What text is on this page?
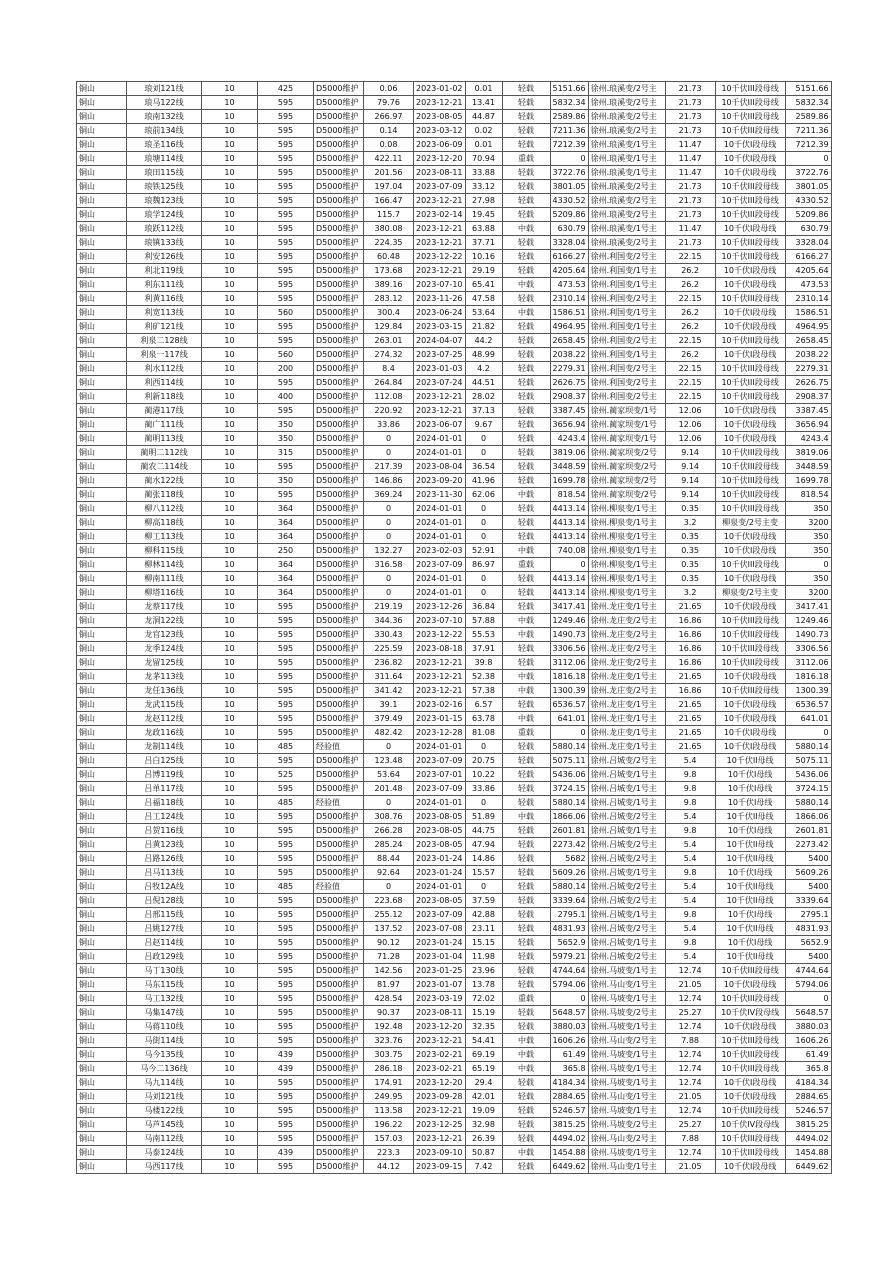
铜山	琅刘121线	10	425	D5000维护	0.06	2023-01-02	0.01	轻载	5151.66	徐州.琅溪变/2号主	21.73	10千伏III段母线	5151.66
铜山	琅马122线	10	595	D5000维护	79.76	2023-12-21	13.41	轻载	5832.34	徐州.琅溪变/2号主	21.73	10千伏III段母线	5832.34
铜山	琅南132线	10	595	D5000维护	266.97	2023-08-05	44.87	轻载	2589.86	徐州.琅溪变/2号主	21.73	10千伏III段母线	2589.86
铜山	琅前134线	10	595	D5000维护	0.14	2023-03-12	0.02	轻载	7211.36	徐州.琅溪变/2号主	21.73	10千伏III段母线	7211.36
铜山	琅圣116线	10	595	D5000维护	0.08	2023-06-09	0.01	轻载	7212.39	徐州.琅溪变/1号主	11.47	10千伏I段母线	7212.39
铜山	琅塘114线	10	595	D5000维护	422.11	2023-12-20	70.94	重载	0	徐州.琅溪变/1号主	11.47	10千伏I段母线	0
铜山	琅田115线	10	595	D5000维护	201.56	2023-08-11	33.88	轻载	3722.76	徐州.琅溪变/1号主	11.47	10千伏I段母线	3722.76
铜山	琅铁125线	10	595	D5000维护	197.04	2023-07-09	33.12	轻载	3801.05	徐州.琅溪变/2号主	21.73	10千伏III段母线	3801.05
铜山	琅魏123线	10	595	D5000维护	166.47	2023-12-21	27.98	轻载	4330.52	徐州.琅溪变/2号主	21.73	10千伏III段母线	4330.52
铜山	琅学124线	10	595	D5000维护	115.7	2023-02-14	19.45	轻载	5209.86	徐州.琅溪变/2号主	21.73	10千伏III段母线	5209.86
铜山	琅跃112线	10	595	D5000维护	380.08	2023-12-21	63.88	中载	630.79	徐州.琅溪变/1号主	11.47	10千伏I段母线	630.79
铜山	琅镇133线	10	595	D5000维护	224.35	2023-12-21	37.71	轻载	3328.04	徐州.琅溪变/2号主	21.73	10千伏III段母线	3328.04
铜山	利安126线	10	595	D5000维护	60.48	2023-12-22	10.16	轻载	6166.27	徐州.利国变/2号主	22.15	10千伏III段母线	6166.27
铜山	利北119线	10	595	D5000维护	173.68	2023-12-21	29.19	轻载	4205.64	徐州.利国变/1号主	26.2	10千伏I段母线	4205.64
铜山	利东111线	10	595	D5000维护	389.16	2023-07-10	65.41	中载	473.53	徐州.利国变/1号主	26.2	10千伏I段母线	473.53
铜山	利黄116线	10	595	D5000维护	283.12	2023-11-26	47.58	轻载	2310.14	徐州.利国变/2号主	22.15	10千伏III段母线	2310.14
铜山	利宽113线	10	560	D5000维护	300.4	2023-06-24	53.64	中载	1586.51	徐州.利国变/1号主	26.2	10千伏I段母线	1586.51
铜山	利矿121线	10	595	D5000维护	129.84	2023-03-15	21.82	轻载	4964.95	徐州.利国变/1号主	26.2	10千伏I段母线	4964.95
铜山	利泉二128线	10	595	D5000维护	263.01	2024-04-07	44.2	轻载	2658.45	徐州.利国变/2号主	22.15	10千伏III段母线	2658.45
铜山	利泉一117线	10	560	D5000维护	274.32	2023-07-25	48.99	轻载	2038.22	徐州.利国变/1号主	26.2	10千伏I段母线	2038.22
铜山	利水112线	10	200	D5000维护	8.4	2023-01-03	4.2	轻载	2279.31	徐州.利国变/2号主	22.15	10千伏III段母线	2279.31
铜山	利西114线	10	595	D5000维护	264.84	2023-07-24	44.51	轻载	2626.75	徐州.利国变/2号主	22.15	10千伏III段母线	2626.75
铜山	利新118线	10	400	D5000维护	112.08	2023-12-21	28.02	轻载	2908.37	徐州.利国变/2号主	22.15	10千伏III段母线	2908.37
铜山	蔺港117线	10	595	D5000维护	220.92	2023-12-21	37.13	轻载	3387.45	徐州.蔺家坝变/1号	12.06	10千伏I段母线	3387.45
铜山	蔺广111线	10	350	D5000维护	33.86	2023-06-07	9.67	轻载	3656.94	徐州.蔺家坝变/1号	12.06	10千伏I段母线	3656.94
铜山	蔺明113线	10	350	D5000维护	0	2024-01-01	0	轻载	4243.4	徐州.蔺家坝变/1号	12.06	10千伏I段母线	4243.4
铜山	蔺明二112线	10	315	D5000维护	0	2024-01-01	0	轻载	3819.06	徐州.蔺家坝变/2号	9.14	10千伏III段母线	3819.06
铜山	蔺农二114线	10	595	D5000维护	217.39	2023-08-04	36.54	轻载	3448.59	徐州.蔺家坝变/2号	9.14	10千伏III段母线	3448.59
铜山	蔺水122线	10	350	D5000维护	146.86	2023-09-20	41.96	轻载	1699.78	徐州.蔺家坝变/2号	9.14	10千伏III段母线	1699.78
铜山	蔺张118线	10	595	D5000维护	369.24	2023-11-30	62.06	中载	818.54	徐州.蔺家坝变/2号	9.14	10千伏III段母线	818.54
铜山	柳八112线	10	364	D5000维护	0	2024-01-01	0	轻载	4413.14	徐州.柳泉变/1号主	0.35	10千伏III段母线	350
铜山	柳高118线	10	364	D5000维护	0	2024-01-01	0	轻载	4413.14	徐州.柳泉变/1号主	3.2	柳泉变/2号主变	3200
铜山	柳工113线	10	364	D5000维护	0	2024-01-01	0	轻载	4413.14	徐州.柳泉变/1号主	0.35	10千伏I段母线	350
铜山	柳科115线	10	250	D5000维护	132.27	2023-02-03	52.91	中载	740.08	徐州.柳泉变/1号主	0.35	10千伏I段母线	350
铜山	柳林114线	10	364	D5000维护	316.58	2023-07-09	86.97	重载	0	徐州.柳泉变/1号主	0.35	10千伏III段母线	0
铜山	柳南111线	10	364	D5000维护	0	2024-01-01	0	轻载	4413.14	徐州.柳泉变/1号主	0.35	10千伏I段母线	350
铜山	柳塔116线	10	364	D5000维护	0	2024-01-01	0	轻载	4413.14	徐州.柳泉变/1号主	3.2	柳泉变/2号主变	3200
铜山	龙蔡117线	10	595	D5000维护	219.19	2023-12-26	36.84	轻载	3417.41	徐州.龙庄变/1号主	21.65	10千伏I段母线	3417.41
铜山	龙洞122线	10	595	D5000维护	344.36	2023-07-10	57.88	中载	1249.46	徐州.龙庄变/2号主	16.86	10千伏III段母线	1249.46
铜山	龙官123线	10	595	D5000维护	330.43	2023-12-22	55.53	中载	1490.73	徐州.龙庄变/2号主	16.86	10千伏III段母线	1490.73
铜山	龙季124线	10	595	D5000维护	225.59	2023-08-18	37.91	轻载	3306.56	徐州.龙庄变/2号主	16.86	10千伏III段母线	3306.56
铜山	龙留125线	10	595	D5000维护	236.82	2023-12-21	39.8	轻载	3112.06	徐州.龙庄变/2号主	16.86	10千伏III段母线	3112.06
铜山	龙茅113线	10	595	D5000维护	311.64	2023-12-21	52.38	中载	1816.18	徐州.龙庄变/1号主	21.65	10千伏I段母线	1816.18
铜山	龙任136线	10	595	D5000维护	341.42	2023-12-21	57.38	中载	1300.39	徐州.龙庄变/2号主	16.86	10千伏III段母线	1300.39
铜山	龙武115线	10	595	D5000维护	39.1	2023-02-16	6.57	轻载	6536.57	徐州.龙庄变/1号主	21.65	10千伏I段母线	6536.57
铜山	龙赵112线	10	595	D5000维护	379.49	2023-01-15	63.78	中载	641.01	徐州.龙庄变/1号主	21.65	10千伏I段母线	641.01
铜山	龙政116线	10	595	D5000维护	482.42	2023-12-28	81.08	重载	0	徐州.龙庄变/1号主	21.65	10千伏I段母线	0
铜山	龙制114线	10	485	经验值	0	2024-01-01	0	轻载	5880.14	徐州.龙庄变/1号主	21.65	10千伏I段母线	5880.14
铜山	吕白125线	10	595	D5000维护	123.48	2023-07-09	20.75	轻载	5075.11	徐州.吕城变/2号主	5.4	10千伏II母线	5075.11
铜山	吕博119线	10	525	D5000维护	53.64	2023-07-01	10.22	轻载	5436.06	徐州.吕城变/1号主	9.8	10千伏I母线	5436.06
铜山	吕单117线	10	595	D5000维护	201.48	2023-07-09	33.86	轻载	3724.15	徐州.吕城变/1号主	9.8	10千伏I母线	3724.15
铜山	吕福118线	10	485	经验值	0	2024-01-01	0	轻载	5880.14	徐州.吕城变/1号主	9.8	10千伏I母线	5880.14
铜山	吕工124线	10	595	D5000维护	308.76	2023-08-05	51.89	中载	1866.06	徐州.吕城变/2号主	5.4	10千伏II母线	1866.06
铜山	吕贺116线	10	595	D5000维护	266.28	2023-08-05	44.75	轻载	2601.81	徐州.吕城变/1号主	9.8	10千伏I母线	2601.81
铜山	吕黄123线	10	595	D5000维护	285.24	2023-08-05	47.94	轻载	2273.42	徐州.吕城变/2号主	5.4	10千伏II母线	2273.42
铜山	吕路126线	10	595	D5000维护	88.44	2023-01-24	14.86	轻载	5682	徐州.吕城变/2号主	5.4	10千伏II母线	5400
铜山	吕马113线	10	595	D5000维护	92.64	2023-01-24	15.57	轻载	5609.26	徐州.吕城变/1号主	9.8	10千伏I母线	5609.26
铜山	吕牧12A线	10	485	经验值	0	2024-01-01	0	轻载	5880.14	徐州.吕城变/2号主	5.4	10千伏II母线	5400
铜山	吕倪128线	10	595	D5000维护	223.68	2023-08-05	37.59	轻载	3339.64	徐州.吕城变/2号主	5.4	10千伏II母线	3339.64
铜山	吕邢115线	10	595	D5000维护	255.12	2023-07-09	42.88	轻载	2795.1	徐州.吕城变/1号主	9.8	10千伏I母线	2795.1
铜山	吕姚127线	10	595	D5000维护	137.52	2023-07-08	23.11	轻载	4831.93	徐州.吕城变/2号主	5.4	10千伏II母线	4831.93
铜山	吕赵114线	10	595	D5000维护	90.12	2023-01-24	15.15	轻载	5652.9	徐州.吕城变/1号主	9.8	10千伏I母线	5652.9
铜山	吕政129线	10	595	D5000维护	71.28	2023-01-04	11.98	轻载	5979.21	徐州.吕城变/2号主	5.4	10千伏II母线	5400
铜山	马丁130线	10	595	D5000维护	142.56	2023-01-25	23.96	轻载	4744.64	徐州.马坡变/1号主	12.74	10千伏III段母线	4744.64
铜山	马东115线	10	595	D5000维护	81.97	2023-01-07	13.78	轻载	5794.06	徐州.马山变/1号主	21.05	10千伏I段母线	5794.06
铜山	马工132线	10	595	D5000维护	428.54	2023-03-19	72.02	重载	0	徐州.马坡变/1号主	12.74	10千伏III段母线	0
铜山	马集147线	10	595	D5000维护	90.37	2023-08-11	15.19	轻载	5648.57	徐州.马坡变/2号主	25.27	10千伏IV段母线	5648.57
铜山	马蒋110线	10	595	D5000维护	192.48	2023-12-20	32.35	轻载	3880.03	徐州.马坡变/1号主	12.74	10千伏I段母线	3880.03
铜山	马街114线	10	595	D5000维护	323.76	2023-12-21	54.41	中载	1606.26	徐州.马山变/2号主	7.88	10千伏III段母线	1606.26
铜山	马今135线	10	439	D5000维护	303.75	2023-02-21	69.19	中载	61.49	徐州.马坡变/1号主	12.74	10千伏III段母线	61.49
铜山	马今二136线	10	439	D5000维护	286.18	2023-02-21	65.19	中载	365.8	徐州.马坡变/1号主	12.74	10千伏III段母线	365.8
铜山	马九114线	10	595	D5000维护	174.91	2023-12-20	29.4	轻载	4184.34	徐州.马坡变/1号主	12.74	10千伏I段母线	4184.34
铜山	马刘121线	10	595	D5000维护	249.95	2023-09-28	42.01	轻载	2884.65	徐州.马山变/1号主	21.05	10千伏I段母线	2884.65
铜山	马楼122线	10	595	D5000维护	113.58	2023-12-21	19.09	轻载	5246.57	徐州.马坡变/1号主	12.74	10千伏III段母线	5246.57
铜山	马芦145线	10	595	D5000维护	196.22	2023-12-25	32.98	轻载	3815.25	徐州.马坡变/2号主	25.27	10千伏IV段母线	3815.25
铜山	马南112线	10	595	D5000维护	157.03	2023-12-21	26.39	轻载	4494.02	徐州.马山变/2号主	7.88	10千伏III段母线	4494.02
铜山	马泰124线	10	439	D5000维护	223.3	2023-09-10	50.87	中载	1454.88	徐州.马坡变/1号主	12.74	10千伏III段母线	1454.88
铜山	马西117线	10	595	D5000维护	44.12	2023-09-15	7.42	轻载	6449.62	徐州.马山变/1号主	21.05	10千伏I段母线	6449.62
